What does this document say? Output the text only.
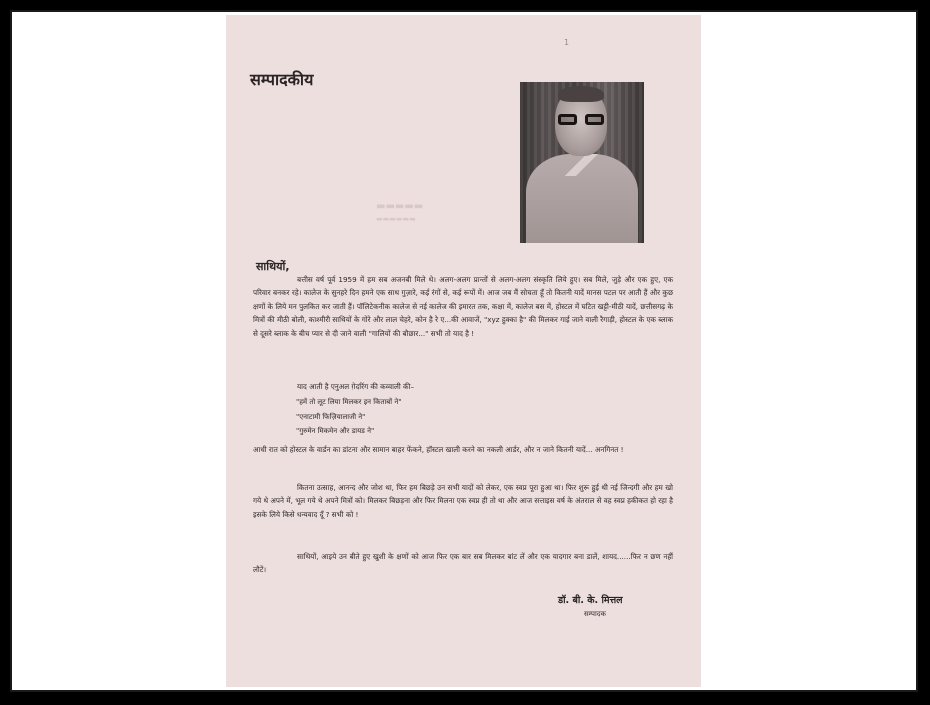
▬▬▬▬▬
▬▬▬▬▬▬
1
सम्पादकीय
साथियों,

बत्तीस वर्ष पूर्व 1959 में हम सब अजनबी मिले थे। अलग-अलग प्रान्तों से अलग-अलग संस्कृति लिये हुए। सब मिले, जुड़े और एक हुए, एक परिवार बनकर रहे। कालेज के सुनहरे दिन हमने एक साथ गुज़ारे, कई रंगों से, कई रूपों में। आज जब मैं सोचता हूँ तो कितनी यादें मानस पटल पर आती हैं और कुछ क्षणों के लिये मन पुलकित कर जाती हैं। पॉलिटेकनीक कालेज से नई कालेज की इमारत तक, कक्षा में, कालेज बस में, होस्टल में घटित खट्टी-मीठी यादें, छत्तीसगढ़ के मित्रों की मीठी बोली, काश्मीरी साथियों के गोरे और लाल चेहरे, कोन है रे ए...की आवाजें, "xyz हुक्का है" की मिलकर गाई जाने वाली रैगाड़ी, होस्टल के एक ब्लाक से दूसरे ब्लाक के बीच प्यार से दी जाने वाली "गालियों की बौछार..." सभी तो याद है !

याद आती है एनुअल ग़ेदरिंग की कव्वाली की–

"हमें तो लूट लिया मिलकर इन किताबों ने"
"एनाटामी फिज़ियालाजी ने"
"गुरुमेन मिकमेन और डायड ने"

आधी रात को होस्टल के वार्डन का डांटना और सामान बाहर फेंकने, हॉस्टल खाली करने का नकली आर्डर, और न जाने कितनी यादें... अनगिनत !

कितना उत्साह, आनन्द और जोश था, फिर हम बिछड़े उन सभी यादों को लेकर, एक स्वप्न पूरा हुआ था। फिर शुरू हुई थी नई जिन्दगी और हम खो गये थे अपने में, भूल गये थे अपने मित्रों को। मिलकर बिछड़ना और फिर मिलना एक स्वप्न ही तो था और आज सत्ताइस वर्ष के अंतराल से वह स्वप्न हकीकत हो रहा है इसके लिये किसे धन्यवाद दूँ ? सभी को !

साथियों, आइये उन बीते हुए खुशी के क्षणों को आज फिर एक बार सब मिलकर बांट लें और एक यादगार बना डालें, शायद......फिर न छण नहीं लौटें।

डॉ. बी. के. मित्तल
सम्पादक
